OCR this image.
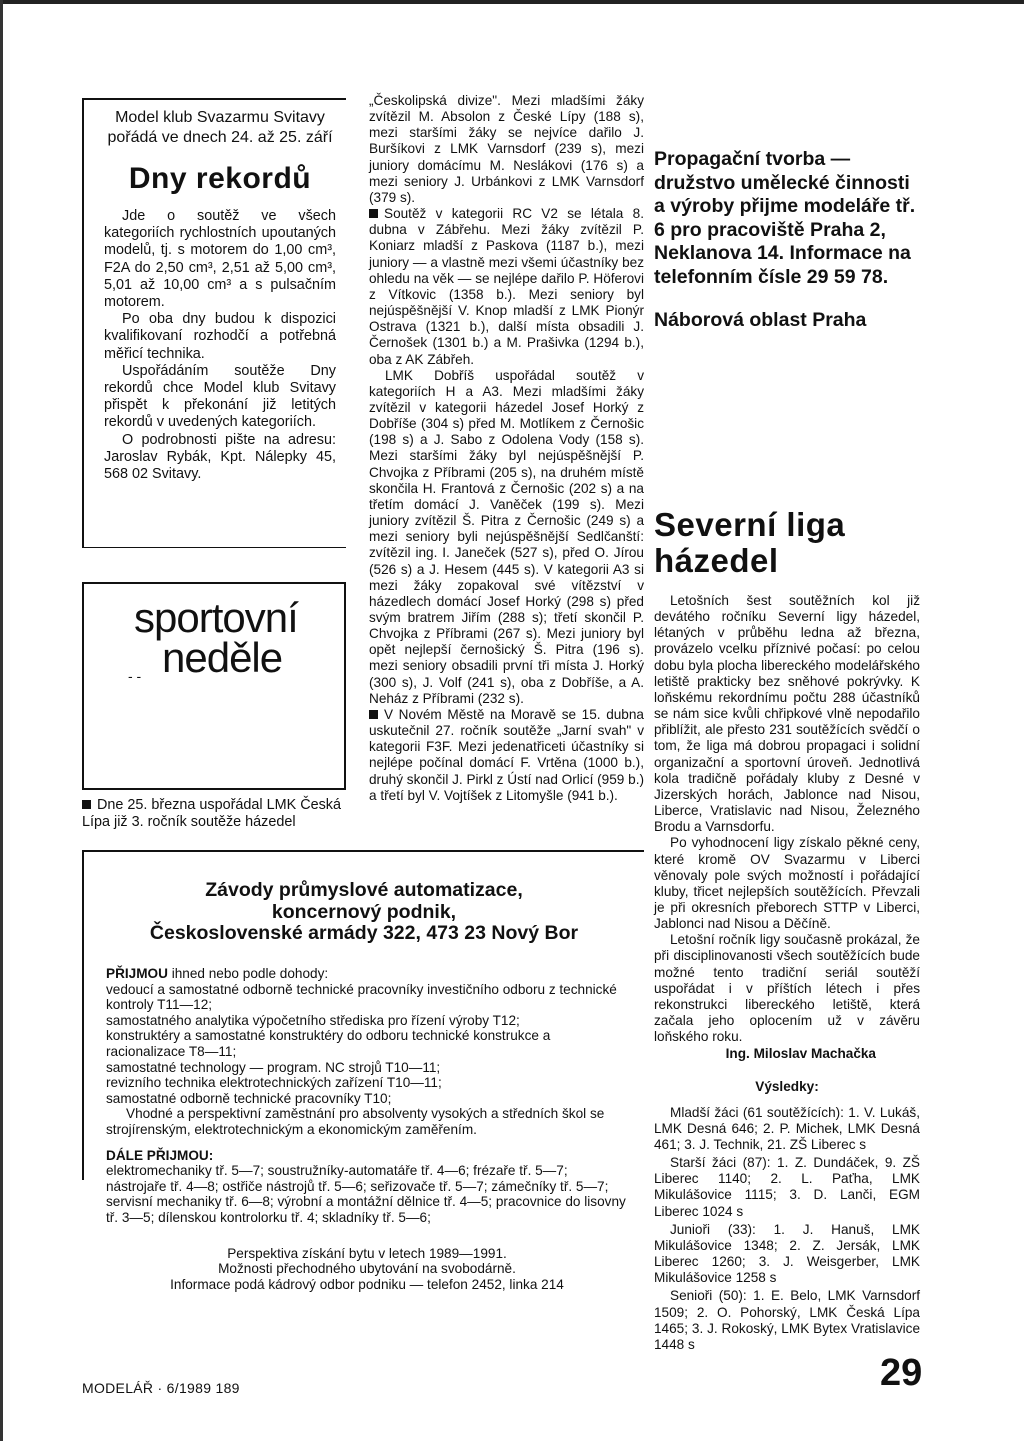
Model klub Svazarmu Svitavy pořádá ve dnech 24. až 25. září
Dny rekordů

Jde o soutěž ve všech kategoriích rychlostních upoutaných modelů, tj. s motorem do 1,00 cm³, F2A do 2,50 cm³, 2,51 až 5,00 cm³, 5,01 až 10,00 cm³ a s pulsačním motorem.

Po oba dny budou k dispozici kvalifikovaní rozhodčí a potřebná měřicí technika.

Uspořádáním soutěže Dny rekordů chce Model klub Svitavy přispět k překonání již letitých rekordů v uvedených kategoriích.

O podrobnosti pište na adresu: Jaroslav Rybák, Kpt. Nálepky 45, 568 02 Svitavy.

sportovní
- - neděle
Dne 25. března uspořádal LMK Česká Lípa již 3. ročník soutěže házedel

„Českolipská divize". Mezi mladšími žáky zvítězil M. Absolon z České Lípy (188 s), mezi staršími žáky se nejvíce dařilo J. Buršíkovi z LMK Varnsdorf (239 s), mezi juniory domácímu M. Neslákovi (176 s) a mezi seniory J. Urbánkovi z LMK Varnsdorf (379 s).

Soutěž v kategorii RC V2 se létala 8. dubna v Zábřehu. Mezi žáky zvítězil P. Koniarz mladší z Paskova (1187 b.), mezi juniory — a vlastně mezi všemi účastníky bez ohledu na věk — se nejlépe dařilo P. Höferovi z Vítkovic (1358 b.). Mezi seniory byl nejúspěšnější V. Knop mladší z LMK Pionýr Ostrava (1321 b.), další místa obsadili J. Černošek (1301 b.) a M. Prašivka (1294 b.), oba z AK Zábřeh.

LMK Dobříš uspořádal soutěž v kategoriích H a A3. Mezi mladšími žáky zvítězil v kategorii házedel Josef Horký z Dobříše (304 s) před M. Motlíkem z Černošic (198 s) a J. Sabo z Odolena Vody (158 s). Mezi staršími žáky byl nejúspěšnější P. Chvojka z Příbrami (205 s), na druhém místě skončila H. Frantová z Černošic (202 s) a na třetím domácí J. Vaněček (199 s). Mezi juniory zvítězil Š. Pitra z Černošic (249 s) a mezi seniory byli nejúspěšnější Sedlčanští: zvítězil ing. I. Janeček (527 s), před O. Jírou (526 s) a J. Hesem (445 s). V kategorii A3 si mezi žáky zopakoval své vítězství v házedlech domácí Josef Horký (298 s) před svým bratrem Jiřím (288 s); třetí skončil P. Chvojka z Příbrami (267 s). Mezi juniory byl opět nejlepší černošický Š. Pitra (196 s). mezi seniory obsadili první tři místa J. Horký (300 s), J. Volf (241 s), oba z Dobříše, a A. Neház z Příbrami (232 s).

V Novém Městě na Moravě se 15. dubna uskutečnil 27. ročník soutěže „Jarní svah" v kategorii F3F. Mezi jedenatřiceti účastníky si nejlépe počínal domácí F. Vrtěna (1000 b.), druhý skončil J. Pirkl z Ústí nad Orlicí (959 b.) a třetí byl V. Vojtíšek z Litomyšle (941 b.).

Propagační tvorba — družstvo umělecké činnosti a výroby přijme modeláře tř. 6 pro pracoviště Praha 2, Neklanova 14. Informace na telefonním čísle 29 59 78.
Náborová oblast Praha
Severní liga
házedel

Letošních šest soutěžních kol již devátého ročníku Severní ligy házedel, létaných v průběhu ledna až března, provázelo vcelku příznivé počasí: po celou dobu byla plocha libereckého modelářského letiště prakticky bez sněhové pokrývky. K loňskému rekordnímu počtu 288 účastníků se nám sice kvůli chřipkové vlně nepodařilo přiblížit, ale přesto 231 soutěžících svědčí o tom, že liga má dobrou propagaci i solidní organizační a sportovní úroveň. Jednotlivá kola tradičně pořádaly kluby z Desné v Jizerských horách, Jablonce nad Nisou, Liberce, Vratislavic nad Nisou, Železného Brodu a Varnsdorfu.

Po vyhodnocení ligy získalo pěkné ceny, které kromě OV Svazarmu v Liberci věnovaly pole svých možností i pořádající kluby, třicet nejlepších soutěžících. Převzali je při okresních přeborech STTP v Liberci, Jablonci nad Nisou a Děčíně.

Letošní ročník ligy současně prokázal, že při disciplinovanosti všech soutěžících bude možné tento tradiční seriál soutěží uspořádat i v příštích létech i přes rekonstrukci libereckého letiště, která začala jeho oplocením už v závěru loňského roku.

Ing. Miloslav Machačka
Výsledky:

Mladší žáci (61 soutěžících): 1. V. Lukáš, LMK Desná 646; 2. P. Michek, LMK Desná 461; 3. J. Technik, 21. ZŠ Liberec s

Starší žáci (87): 1. Z. Dundáček, 9. ZŠ Liberec 1140; 2. L. Paťha, LMK Mikulášovice 1115; 3. D. Lanči, EGM Liberec 1024 s

Junioři (33): 1. J. Hanuš, LMK Mikulášovice 1348; 2. Z. Jersák, LMK Liberec 1260; 3. J. Weisgerber, LMK Mikulášovice 1258 s

Senioři (50): 1. E. Belo, LMK Varnsdorf 1509; 2. O. Pohorský, LMK Česká Lípa 1465; 3. J. Rokoský, LMK Bytex Vratislavice 1448 s

Závody průmyslové automatizace,
koncernový podnik,
Československé armády 322, 473 23 Nový Bor

PŘIJMOU ihned nebo podle dohody:

vedoucí a samostatné odborně technické pracovníky investičního odboru z technické kontroly T11—12;

samostatného analytika výpočetního střediska pro řízení výroby T12;

konstruktéry a samostatné konstruktéry do odboru technické konstrukce a racionalizace T8—11;

samostatné technology — program. NC strojů T10—11;

revizního technika elektrotechnických zařízení T10—11;

samostatné odborně technické pracovníky T10;

Vhodné a perspektivní zaměstnání pro absolventy vysokých a středních škol se strojírenským, elektrotechnickým a ekonomickým zaměřením.

DÁLE PŘIJMOU:

elektromechaniky tř. 5—7; soustružníky-automatáře tř. 4—6; frézaře tř. 5—7; nástrojaře tř. 4—8; ostřiče nástrojů tř. 5—6; seřizovače tř. 5—7; zámečníky tř. 5—7; servisní mechaniky tř. 6—8; výrobní a montážní dělnice tř. 4—5; pracovnice do lisovny tř. 3—5; dílenskou kontrolorku tř. 4; skladníky tř. 5—6;

Perspektiva získání bytu v letech 1989—1991.

Možnosti přechodného ubytování na svobodárně.

Informace podá kádrový odbor podniku — telefon 2452, linka 214

MODELÁŘ · 6/1989 189	29
